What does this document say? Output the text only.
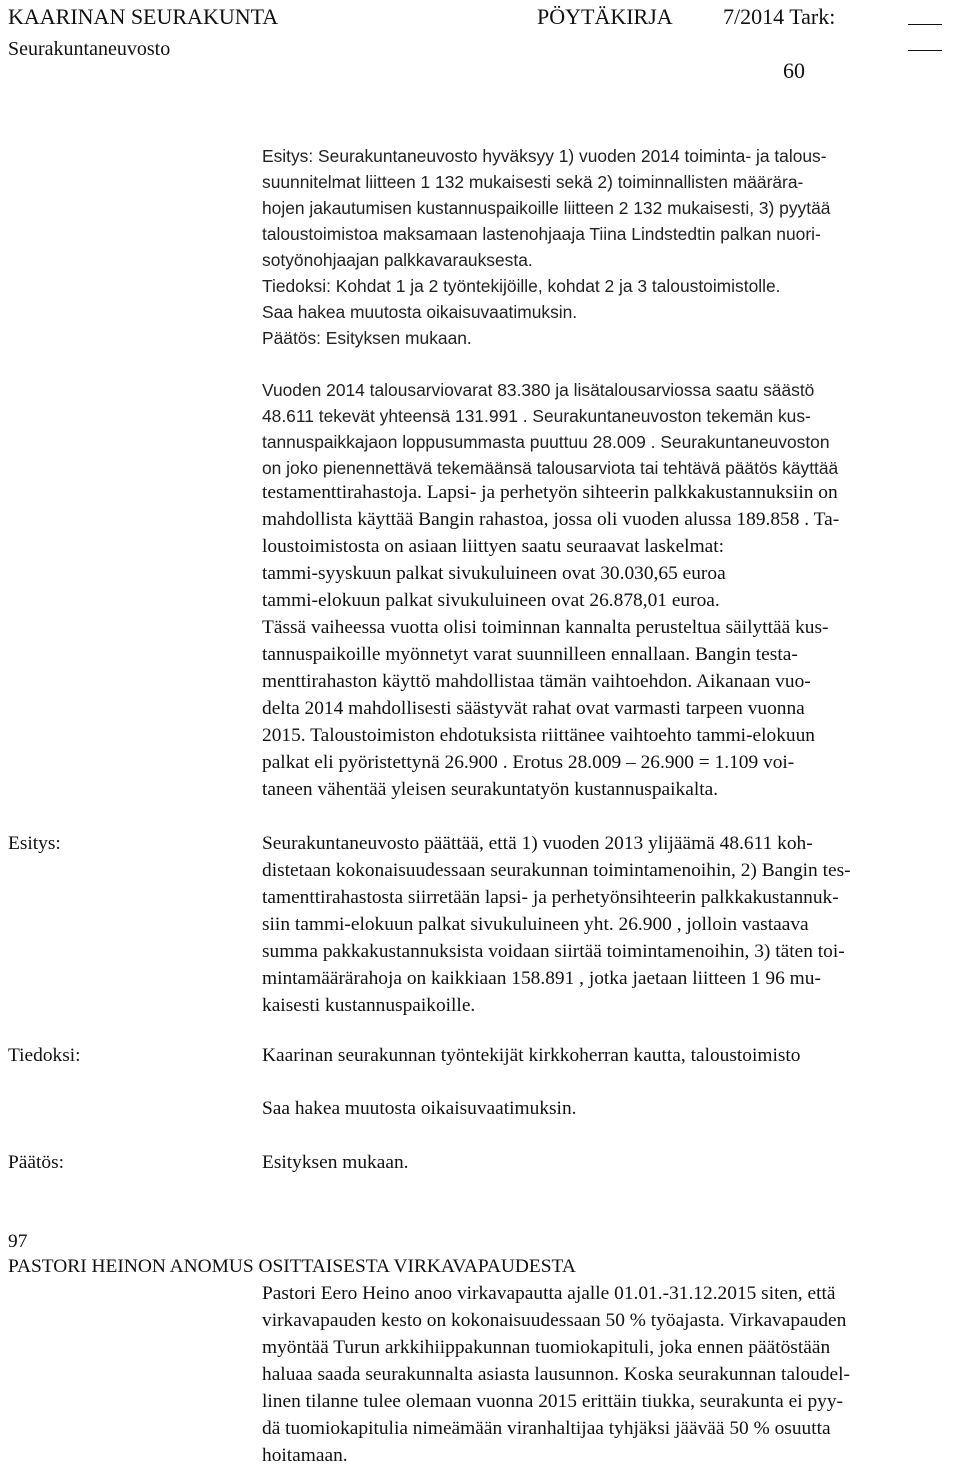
KAARINAN SEURAKUNTA	PÖYTÄKIRJA 7/2014 Tark:
Seurakuntaneuvosto
60
Esitys: Seurakuntaneuvosto hyväksyy 1) vuoden 2014 toiminta- ja talous-
suunnitelmat liitteen 1 132 mukaisesti sekä 2) toiminnallisten määrära-
hojen jakautumisen kustannuspaikoille liitteen 2 132 mukaisesti, 3) pyytää
taloustoimistoa maksamaan lastenohjaaja Tiina Lindstedtin palkan nuori-
sotyönohjaajan palkkavarauksesta.
Tiedoksi: Kohdat 1 ja 2 työntekijöille, kohdat 2 ja 3 taloustoimistolle.
Saa hakea muutosta oikaisuvaatimuksin.
Päätös: Esityksen mukaan.
Vuoden 2014 talousarviovarat 83.380 ja lisätalousarviossa saatu säästö
48.611 tekevät yhteensä 131.991 . Seurakuntaneuvoston tekemän kus-
tannuspaikkajaon loppusummasta puuttuu 28.009 . Seurakuntaneuvoston
on joko pienennettävä tekemäänsä talousarviota tai tehtävä päätös käyttää
testamenttirahastoja. Lapsi- ja perhetyön sihteerin palkkakustannuksiin on
mahdollista käyttää Bangin rahastoa, jossa oli vuoden alussa 189.858 . Ta-
loustoimistosta on asiaan liittyen saatu seuraavat laskelmat:
tammi-syyskuun palkat sivukuluineen ovat 30.030,65 euroa
tammi-elokuun palkat sivukuluineen ovat 26.878,01 euroa.
Tässä vaiheessa vuotta olisi toiminnan kannalta perusteltua säilyttää kus-
tannuspaikoille myönnetyt varat suunnilleen ennallaan. Bangin testa-
menttirahaston käyttö mahdollistaa tämän vaihtoehdon. Aikanaan vuo-
delta 2014 mahdollisesti säästyvät rahat ovat varmasti tarpeen vuonna
2015. Taloustoimiston ehdotuksista riittänee vaihtoehto tammi-elokuun
palkat eli pyöristettynä 26.900 . Erotus 28.009 – 26.900 = 1.109 voi-
taneen vähentää yleisen seurakuntatyön kustannuspaikalta.
Esitys:	Seurakuntaneuvosto päättää, että 1) vuoden 2013 ylijäämä 48.611 koh-
distetaan kokonaisuudessaan seurakunnan toimintamenoihin, 2) Bangin tes-
tamenttirahastosta siirretään lapsi- ja perhetyönsihteerin palkkakustannuk-
siin tammi-elokuun palkat sivukuluineen yht. 26.900 , jolloin vastaava
summa pakkakustannuksista voidaan siirtää toimintamenoihin, 3) täten toi-
mintamäärärahoja on kaikkiaan 158.891 , jotka jaetaan liitteen 1 96 mu-
kaisesti kustannuspaikoille.
Tiedoksi:	Kaarinan seurakunnan työntekijät kirkkoherran kautta, taloustoimisto
Saa hakea muutosta oikaisuvaatimuksin.
Päätös:	Esityksen mukaan.
97
PASTORI HEINON ANOMUS OSITTAISESTA VIRKAVAPAUDESTA
Pastori Eero Heino anoo virkavapautta ajalle 01.01.-31.12.2015 siten, että
virkavapauden kesto on kokonaisuudessaan 50 % työajasta. Virkavapauden
myöntää Turun arkkihiippakunnan tuomiokapituli, joka ennen päätöstään
haluaa saada seurakunnalta asiasta lausunnon. Koska seurakunnan taloudel-
linen tilanne tulee olemaan vuonna 2015 erittäin tiukka, seurakunta ei pyy-
dä tuomiokapitulia nimeämään viranhaltijaa tyhjäksi jäävää 50 % osuutta
hoitamaan.
